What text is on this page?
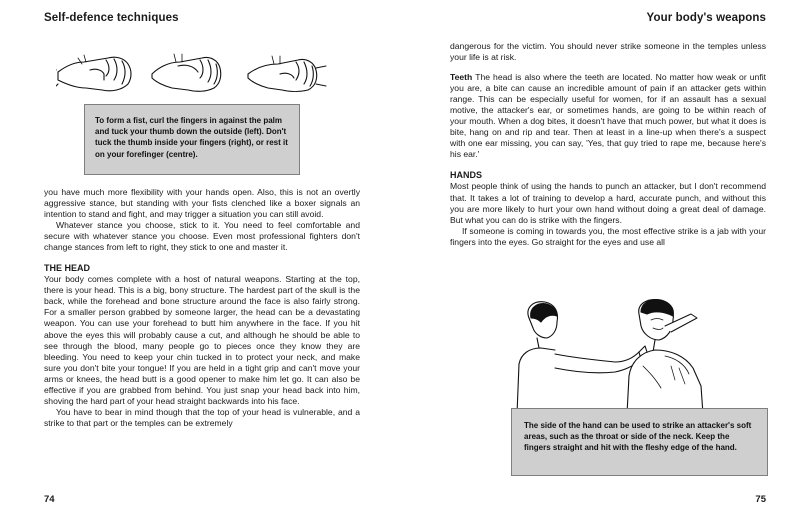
Self-defence techniques
To form a fist, curl the fingers in against the palm and tuck your thumb down the outside (left). Don't tuck the thumb inside your fingers (right), or rest it on your forefinger (centre).

you have much more flexibility with your hands open. Also, this is not an overtly aggressive stance, but standing with your fists clenched like a boxer signals an intention to stand and fight, and may trigger a situation you can still avoid.

Whatever stance you choose, stick to it. You need to feel comfortable and secure with whatever stance you choose. Even most professional fighters don't change stances from left to right, they stick to one and master it.

THE HEAD

Your body comes complete with a host of natural weapons. Starting at the top, there is your head. This is a big, bony structure. The hardest part of the skull is the back, while the forehead and bone structure around the face is also fairly strong. For a smaller person grabbed by someone larger, the head can be a devastating weapon. You can use your forehead to butt him anywhere in the face. If you hit above the eyes this will probably cause a cut, and although he should be able to see through the blood, many people go to pieces once they know they are bleeding. You need to keep your chin tucked in to protect your neck, and make sure you don't bite your tongue! If you are held in a tight grip and can't move your arms or knees, the head butt is a good opener to make him let go. It can also be effective if you are grabbed from behind. You just snap your head back into him, shoving the hard part of your head straight backwards into his face.

You have to bear in mind though that the top of your head is vulnerable, and a strike to that part or the temples can be extremely

74
Your body's weapons

dangerous for the victim. You should never strike someone in the temples unless your life is at risk.

Teeth The head is also where the teeth are located. No matter how weak or unfit you are, a bite can cause an incredible amount of pain if an attacker gets within range. This can be especially useful for women, for if an assault has a sexual motive, the attacker's ear, or sometimes hands, are going to be within reach of your mouth. When a dog bites, it doesn't have that much power, but what it does is bite, hang on and rip and tear. Then at least in a line-up when there's a suspect with one ear missing, you can say, 'Yes, that guy tried to rape me, because here's his ear.'

HANDS

Most people think of using the hands to punch an attacker, but I don't recommend that. It takes a lot of training to develop a hard, accurate punch, and without this you are more likely to hurt your own hand without doing a great deal of damage. But what you can do is strike with the fingers.

If someone is coming in towards you, the most effective strike is a jab with your fingers into the eyes. Go straight for the eyes and use all

The side of the hand can be used to strike an attacker's soft areas, such as the throat or side of the neck. Keep the fingers straight and hit with the fleshy edge of the hand.
75
